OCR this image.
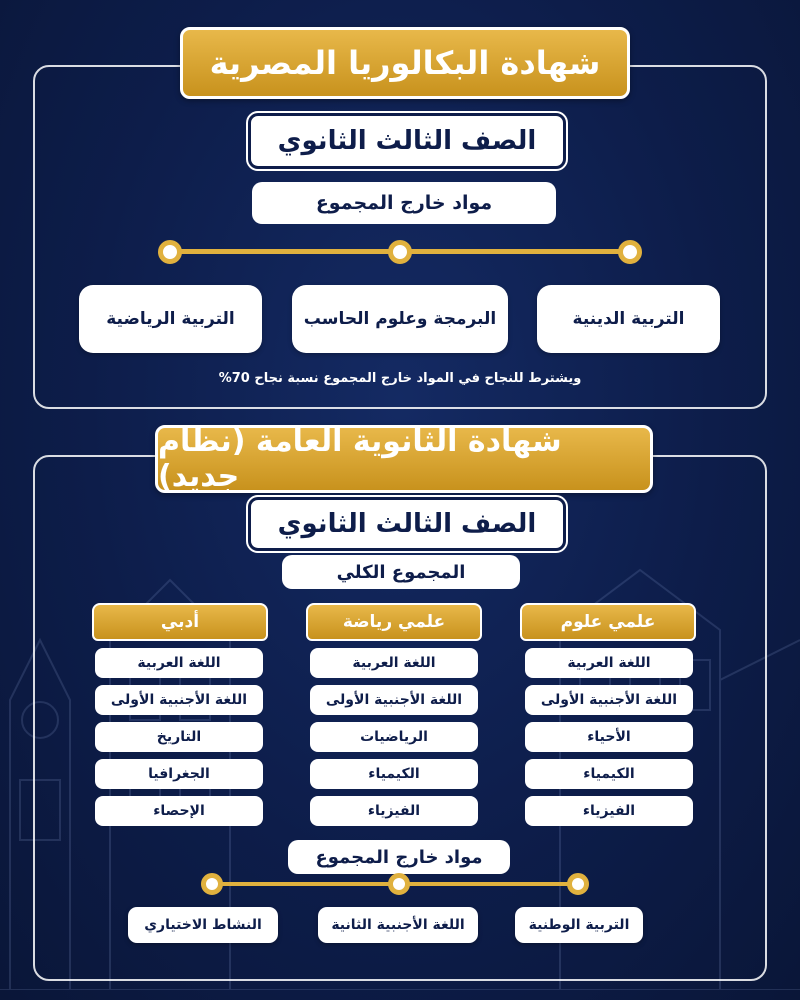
شهادة البكالوريا المصرية
الصف الثالث الثانوي
مواد خارج المجموع
التربية الدينية
البرمجة وعلوم الحاسب
التربية الرياضية
ويشترط للنجاح في المواد خارج المجموع نسبة نجاح 70%
شهادة الثانوية العامة (نظام جديد)
الصف الثالث الثانوي
المجموع الكلي
علمي علوم
اللغة العربية
اللغة الأجنبية الأولى
الأحياء
الكيمياء
الفيزياء
علمي رياضة
اللغة العربية
اللغة الأجنبية الأولى
الرياضيات
الكيمياء
الفيزياء
أدبي
اللغة العربية
اللغة الأجنبية الأولى
التاريخ
الجغرافيا
الإحصاء
مواد خارج المجموع
التربية الوطنية
اللغة الأجنبية الثانية
النشاط الاختياري
